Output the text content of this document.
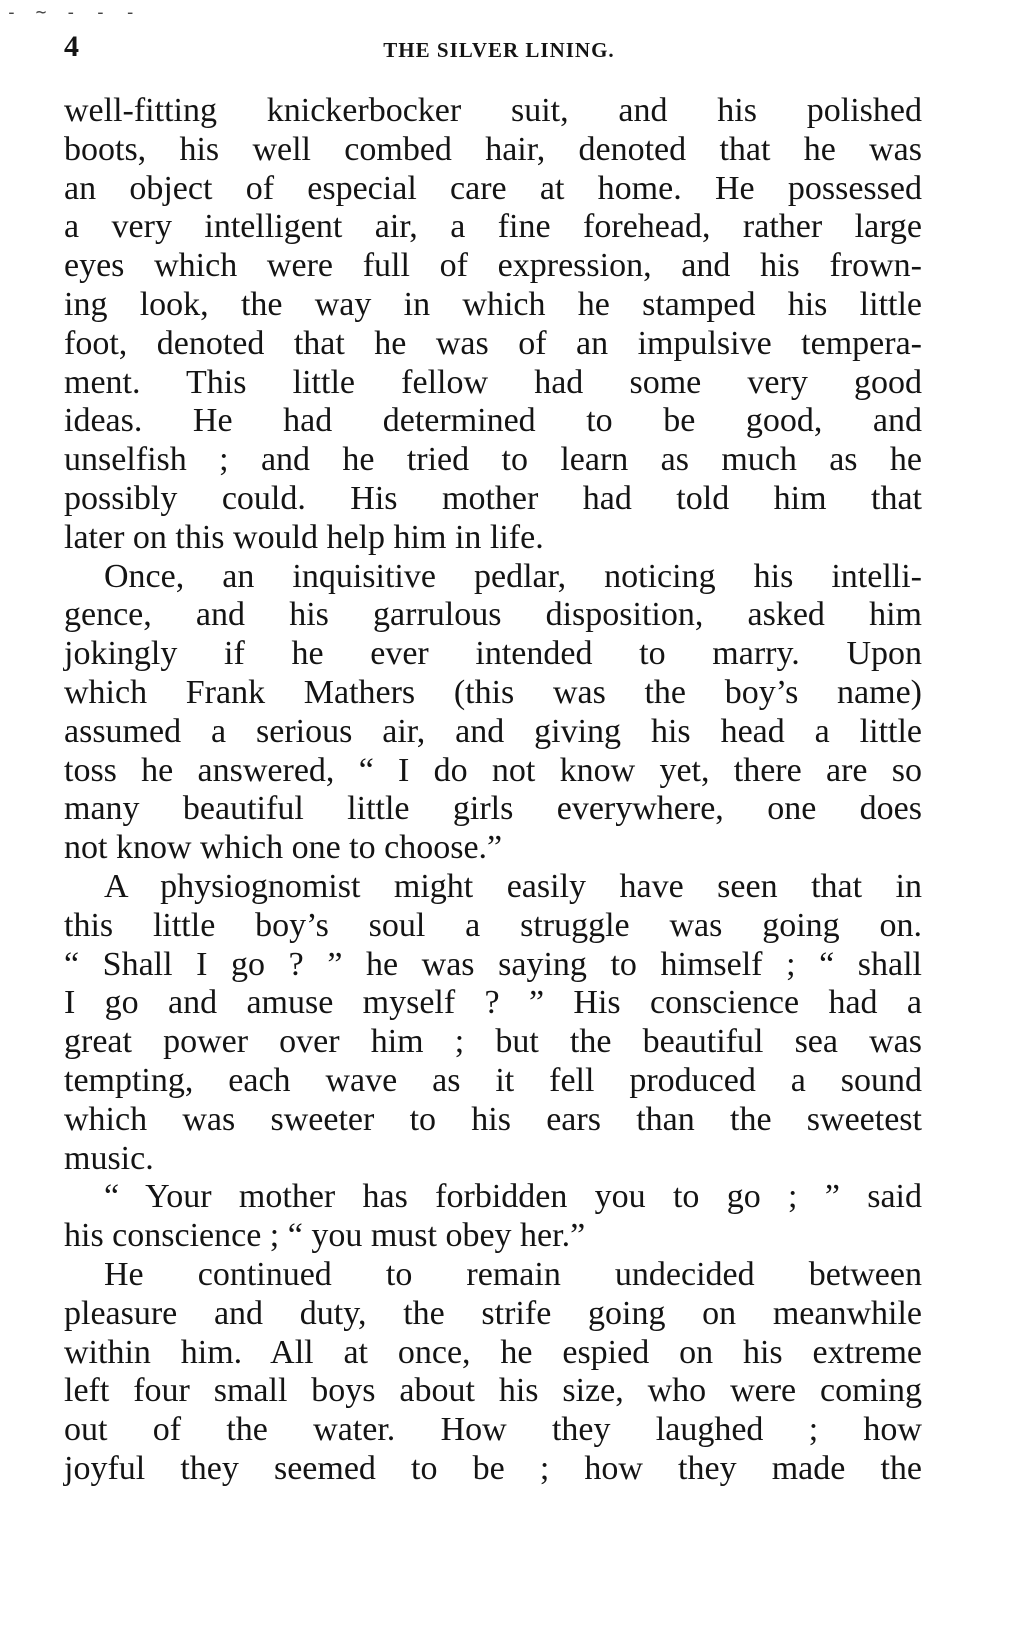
- ~ - - -
4	THE SILVER LINING.
well-fitting knickerbocker suit, and his polished
boots, his well combed hair, denoted that he was
an object of especial care at home. He possessed
a very intelligent air, a fine forehead, rather large
eyes which were full of expression, and his frown-
ing look, the way in which he stamped his little
foot, denoted that he was of an impulsive tempera-
ment. This little fellow had some very good
ideas. He had determined to be good, and
unselfish ; and he tried to learn as much as he
possibly could. His mother had told him that
later on this would help him in life.
Once, an inquisitive pedlar, noticing his intelli-
gence, and his garrulous disposition, asked him
jokingly if he ever intended to marry. Upon
which Frank Mathers (this was the boy’s name)
assumed a serious air, and giving his head a little
toss he answered, “ I do not know yet, there are so
many beautiful little girls everywhere, one does
not know which one to choose.”
A physiognomist might easily have seen that in
this little boy’s soul a struggle was going on.
“ Shall I go ? ” he was saying to himself ; “ shall
I go and amuse myself ? ” His conscience had a
great power over him ; but the beautiful sea was
tempting, each wave as it fell produced a sound
which was sweeter to his ears than the sweetest
music.
“ Your mother has forbidden you to go ; ” said
his conscience ; “ you must obey her.”
He continued to remain undecided between
pleasure and duty, the strife going on meanwhile
within him. All at once, he espied on his extreme
left four small boys about his size, who were coming
out of the water. How they laughed ; how
joyful they seemed to be ; how they made the
